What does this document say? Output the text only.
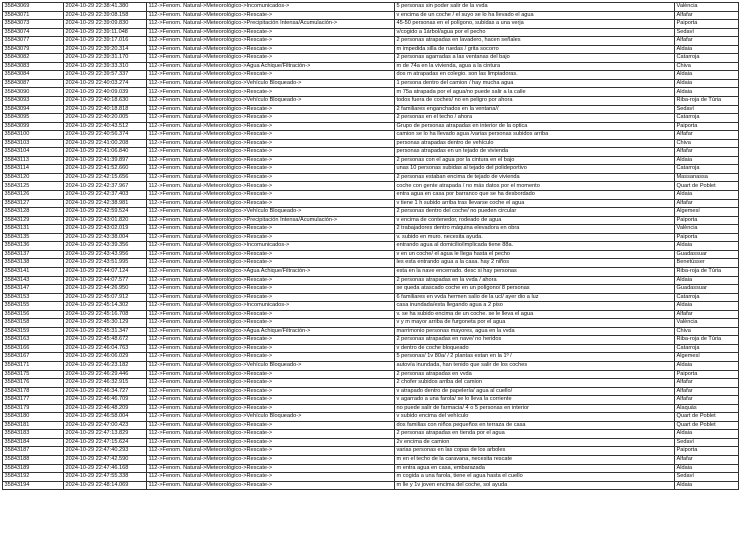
35843069	2024-10-29 22:38:41.380	112->Fenom. Natural->Meteorológico->Incomunicados->	5 personas sin poder salir de la vvda	València
35843071	2024-10-29 22:39:08.158	112->Fenom. Natural->Meteorológico->Rescate->	v encima de un coche / el suyo se lo ha llevado el agua	Alfafar
35843073	2024-10-29 22:39:09.830	112->Fenom. Natural->Meteorológico->Precipitación Intensa/Acumulación->	45-50 personas en el polígono, subidas a una verja	Paiporta
35843074	2024-10-29 22:39:11.048	112->Fenom. Natural->Meteorológico->Rescate->	v/cogido a 1árbol/agua por el pecho	Sedaví
35843077	2024-10-29 22:39:17.016	112->Fenom. Natural->Meteorológico->Rescate->	2 personas atrapadas en lavadero, hacen señales	Alfafar
35843079	2024-10-29 22:39:20.314	112->Fenom. Natural->Meteorológico->Rescate->	m impedida silla de ruedas / grita socorro	Aldaia
35843082	2024-10-29 22:39:31.170	112->Fenom. Natural->Meteorológico->Rescate->	2 personas agarradas a las ventanas del bajo	Catarroja
35843083	2024-10-29 22:39:33.310	112->Fenom. Natural->Meteorológico->Agua Achique/Filtración->	m de 74a en la vivienda, agua a la cintura	Chiva
35843084	2024-10-29 22:39:57.337	112->Fenom. Natural->Meteorológico->Rescate->	dos m atrapadas en colegio. son las limpiadoras.	Aldaia
35843087	2024-10-29 22:40:03.274	112->Fenom. Natural->Meteorológico->Vehículo Bloqueado->	1 persona dentro del camion / hay mucha agua	Aldaia
35843090	2024-10-29 22:40:09.039	112->Fenom. Natural->Meteorológico->Rescate->	m 75a atrapada por el agua/no puede salir a la calle	Aldaia
35843093	2024-10-29 22:40:18.630	112->Fenom. Natural->Meteorológico->Vehículo Bloqueado->	todos fuera de coches/ no en peligro por ahora	Riba-roja de Túria
35843094	2024-10-29 22:40:18.818	112->Fenom. Natural->Meteorológico->Rescate->	2 familiares enganchados en la ventana//	Sedaví
35843095	2024-10-29 22:40:20.005	112->Fenom. Natural->Meteorológico->Rescate->	2 personas en el techo / ahora	Catarroja
35843099	2024-10-29 22:40:43.512	112->Fenom. Natural->Meteorológico->Rescate->	Grupo de personas atrapadas en interior de la optica	Paiporta
35843100	2024-10-29 22:40:56.374	112->Fenom. Natural->Meteorológico->Rescate->	camion se lo ha llevado agua /varias personas subidos arriba	Alfafar
35843103	2024-10-29 22:41:00.208	112->Fenom. Natural->Meteorológico->Rescate->	personas atrapadas dentro de vehículo	Chiva
35843104	2024-10-29 22:41:06.840	112->Fenom. Natural->Meteorológico->Rescate->	personas atrapadas en un tejado de vivienda	Alfafar
35843113	2024-10-29 22:41:39.897	112->Fenom. Natural->Meteorológico->Rescate->	2 personas con el agua por la cintura en el bajo	Aldaia
35843114	2024-10-29 22:41:52.660	112->Fenom. Natural->Meteorológico->Rescate->	unas 10 personas subidas al tejado del polideportivo	Catarroja
35843120	2024-10-29 22:42:15.656	112->Fenom. Natural->Meteorológico->Rescate->	2 personas estaban encima de tejado de vivienda	Massanassa
35843125	2024-10-29 22:42:37.967	112->Fenom. Natural->Meteorológico->Rescate->	coche con gente atrapada / no más datos por el momento	Quart de Poblet
35843126	2024-10-29 22:42:37.403	112->Fenom. Natural->Meteorológico->Rescate->	entra agua en casa por barranco que se ha desbordado	Aldaia
35843127	2024-10-29 22:42:38.981	112->Fenom. Natural->Meteorológico->Rescate->	v tiene 1 h subido arriba tras llevarse coche el agua	Alfafar
35843128	2024-10-29 22:42:59.524	112->Fenom. Natural->Meteorológico->Vehículo Bloqueado->	2 personas dentro del coche/ no pueden circular	Algemesí
35843129	2024-10-29 22:43:01.820	112->Fenom. Natural->Meteorológico->Precipitación Intensa/Acumulación->	v encima de contenedor, rodeado de agua	Paiporta
35843131	2024-10-29 22:43:02.019	112->Fenom. Natural->Meteorológico->Rescate->	2 trabajadores dentro máquina elevadora en obra	València
35843135	2024-10-29 22:43:38.004	112->Fenom. Natural->Meteorológico->Rescate->	v. subido en muro. necesita ayuda.	Paiporta
35843136	2024-10-29 22:43:39.356	112->Fenom. Natural->Meteorológico->Incomunicados->	entrando agua al domicilio/implicada tiene 88a.	Aldaia
35843137	2024-10-29 22:43:43.956	112->Fenom. Natural->Meteorológico->Rescate->	v en un coche/ el agua le llega hasta el pecho	Guadassuar
35843138	2024-10-29 22:43:51.995	112->Fenom. Natural->Meteorológico->Rescate->	les esta entrando agua a la casa. hay 2 niños	Benetússer
35843141	2024-10-29 22:44:07.124	112->Fenom. Natural->Meteorológico->Agua Achique/Filtración->	esta en la nave encerrado. desc si hay personas	Riba-roja de Túria
35843143	2024-10-29 22:44:07.577	112->Fenom. Natural->Meteorológico->Rescate->	2 personas atrapadas en la vvda / ahora	Aldaia
35843147	2024-10-29 22:44:26.950	112->Fenom. Natural->Meteorológico->Rescate->	se queda atascado coche en un polígono/ 8 personas	Guadassuar
35843153	2024-10-29 22:45:07.912	112->Fenom. Natural->Meteorológico->Rescate->	6 familiares en vvda hermen salio de la ucl/ ayer dio a luz	Catarroja
35843155	2024-10-29 22:45:14.302	112->Fenom. Natural->Meteorológico->Incomunicados->	casa inundada/esta llegando agua a 2 piso	Aldaia
35843156	2024-10-29 22:45:16.708	112->Fenom. Natural->Meteorológico->Rescate->	v. se ha subido encima de un coche. se le lleva el agua	Alfafar
35843158	2024-10-29 22:45:30.129	112->Fenom. Natural->Meteorológico->Rescate->	v y m mayor arriba de furgoneta por el agua	València
35843159	2024-10-29 22:45:31.347	112->Fenom. Natural->Meteorológico->Agua Achique/Filtración->	marrimonio personas mayores, agua en la vvda	Chiva
35843163	2024-10-29 22:45:48.672	112->Fenom. Natural->Meteorológico->Rescate->	2 personas atrapadas en nave/ no heridos	Riba-roja de Túria
35843166	2024-10-29 22:46:04.763	112->Fenom. Natural->Meteorológico->Rescate->	v dentro de coche bloqueado	Catarroja
35843167	2024-10-29 22:46:06.029	112->Fenom. Natural->Meteorológico->Rescate->	5 personas/ 1v 80a/ / 2 plantas estan en la 1º /	Algemesí
35843171	2024-10-29 22:46:23.182	112->Fenom. Natural->Meteorológico->Vehículo Bloqueado->	autovía inundada, han tenido que salir de los coches	Aldaia
35843175	2024-10-29 22:46:29.446	112->Fenom. Natural->Meteorológico->Rescate->	2 personas atrapadas en vvda	Paiporta
35843176	2024-10-29 22:46:32.915	112->Fenom. Natural->Meteorológico->Rescate->	2 chofer subidos arriba del camion	Alfafar
35843178	2024-10-29 22:46:34.727	112->Fenom. Natural->Meteorológico->Rescate->	v atrapado dentro de papelería/ agua al cuello/	Alfafar
35843177	2024-10-29 22:46:46.709	112->Fenom. Natural->Meteorológico->Rescate->	v agarrado a una farola/ se lo lleva la corriente	Alfafar
35843179	2024-10-29 22:46:48.209	112->Fenom. Natural->Meteorológico->Rescate->	no puede salir de farmacia/ 4 o 5 personas en interior	Alaquàs
35843180	2024-10-29 22:46:58.004	112->Fenom. Natural->Meteorológico->Vehículo Bloqueado->	v subido encima del vehículo	Quart de Poblet
35843181	2024-10-29 22:47:00.423	112->Fenom. Natural->Meteorológico->Rescate->	dos familias con niños pequeños en terraza de casa	Quart de Poblet
35843183	2024-10-29 22:47:13.829	112->Fenom. Natural->Meteorológico->Rescate->	2 personas atrapadas en tienda por el agua	Aldaia
35843184	2024-10-29 22:47:15.624	112->Fenom. Natural->Meteorológico->Rescate->	2v encima de camion	Sedaví
35843187	2024-10-29 22:47:40.293	112->Fenom. Natural->Meteorológico->Rescate->	varias personas en las copas de los arboles	Paiporta
35843188	2024-10-29 22:47:42.590	112->Fenom. Natural->Meteorológico->Rescate->	m en el techo de la caravana, necesita rescate	Alfafar
35843189	2024-10-29 22:47:46.168	112->Fenom. Natural->Meteorológico->Rescate->	m entra agua en casa, embarazada	Aldaia
35843192	2024-10-29 22:47:55.338	112->Fenom. Natural->Meteorológico->Rescate->	m cogida a una farola, tiene el agua hasta el cuello	Sedaví
35843194	2024-10-29 22:48:14.069	112->Fenom. Natural->Meteorológico->Rescate->	m lle y 1v joven encima del coche, sol ayuda	Aldaia
